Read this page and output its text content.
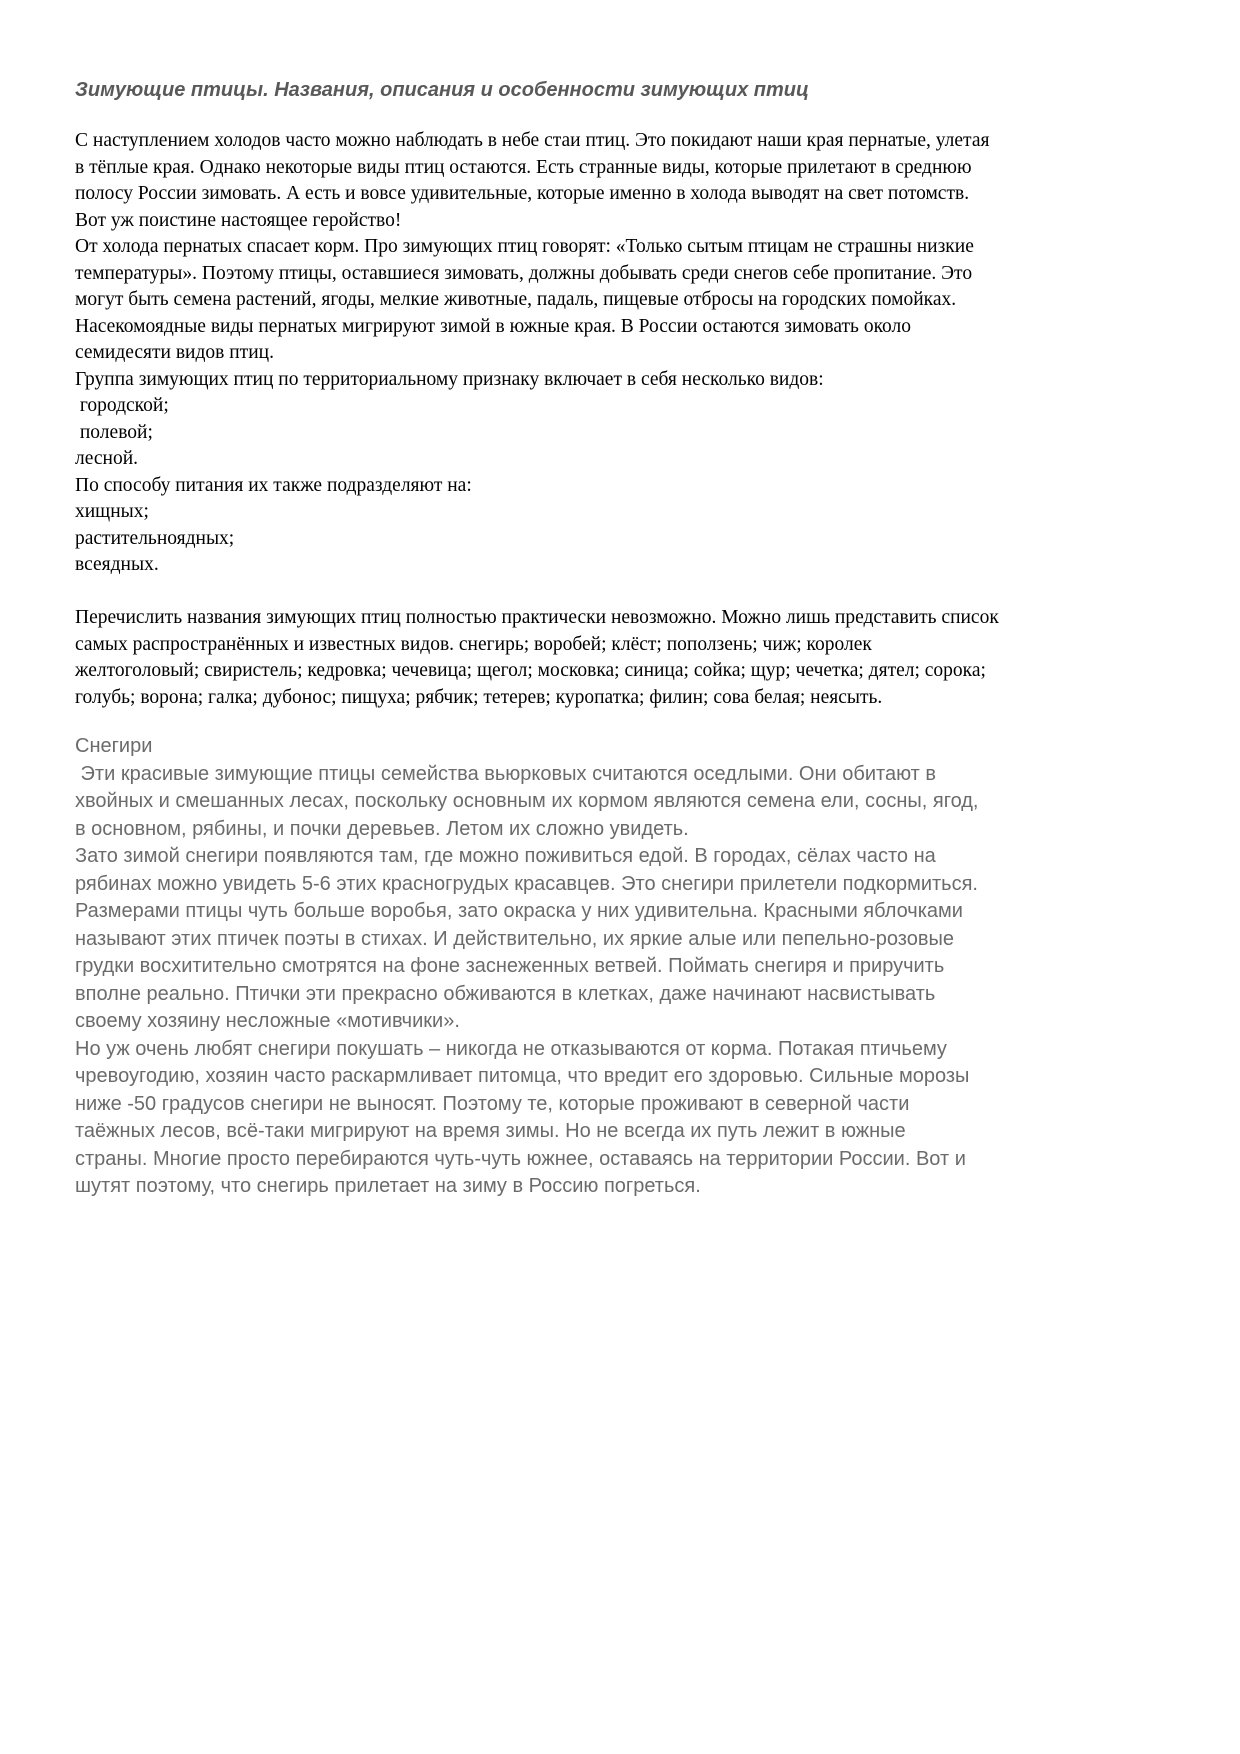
Зимующие птицы. Названия, описания и особенности зимующих птиц
С наступлением холодов часто можно наблюдать в небе стаи птиц. Это покидают наши края пернатые, улетая
в тёплые края. Однако некоторые виды птиц остаются. Есть странные виды, которые прилетают в среднюю
полосу России зимовать. А есть и вовсе удивительные, которые именно в холода выводят на свет потомств.
Вот уж поистине настоящее геройство!
От холода пернатых спасает корм. Про зимующих птиц говорят: «Только сытым птицам не страшны низкие
температуры». Поэтому птицы, оставшиеся зимовать, должны добывать среди снегов себе пропитание. Это
могут быть семена растений, ягоды, мелкие животные, падаль, пищевые отбросы на городских помойках.
Насекомоядные виды пернатых мигрируют зимой в южные края. В России остаются зимовать около
семидесяти видов птиц.
Группа зимующих птиц по территориальному признаку включает в себя несколько видов:
городской;
полевой;
лесной.
По способу питания их также подразделяют на:
хищных;
растительноядных;
всеядных.
Перечислить названия зимующих птиц полностью практически невозможно. Можно лишь представить список
самых распространённых и известных видов. снегирь; воробей; клёст; поползень; чиж; королек
желтоголовый; свиристель; кедровка; чечевица; щегол; московка; синица; сойка; щур; чечетка; дятел; сорока;
голубь; ворона; галка; дубонос; пищуха; рябчик; тетерев; куропатка; филин; сова белая; неясыть.
Снегири
Эти красивые зимующие птицы семейства вьюрковых считаются оседлыми. Они обитают в
хвойных и смешанных лесах, поскольку основным их кормом являются семена ели, сосны, ягод,
в основном, рябины, и почки деревьев. Летом их сложно увидеть.
Зато зимой снегири появляются там, где можно поживиться едой. В городах, сёлах часто на
рябинах можно увидеть 5-6 этих красногрудых красавцев. Это снегири прилетели подкормиться.
Размерами птицы чуть больше воробья, зато окраска у них удивительна. Красными яблочками
называют этих птичек поэты в стихах. И действительно, их яркие алые или пепельно-розовые
грудки восхитительно смотрятся на фоне заснеженных ветвей. Поймать снегиря и приручить
вполне реально. Птички эти прекрасно обживаются в клетках, даже начинают насвистывать
своему хозяину несложные «мотивчики».
Но уж очень любят снегири покушать – никогда не отказываются от корма. Потакая птичьему
чревоугодию, хозяин часто раскармливает питомца, что вредит его здоровью. Сильные морозы
ниже -50 градусов снегири не выносят. Поэтому те, которые проживают в северной части
таёжных лесов, всё-таки мигрируют на время зимы. Но не всегда их путь лежит в южные
страны. Многие просто перебираются чуть-чуть южнее, оставаясь на территории России. Вот и
шутят поэтому, что снегирь прилетает на зиму в Россию погреться.
